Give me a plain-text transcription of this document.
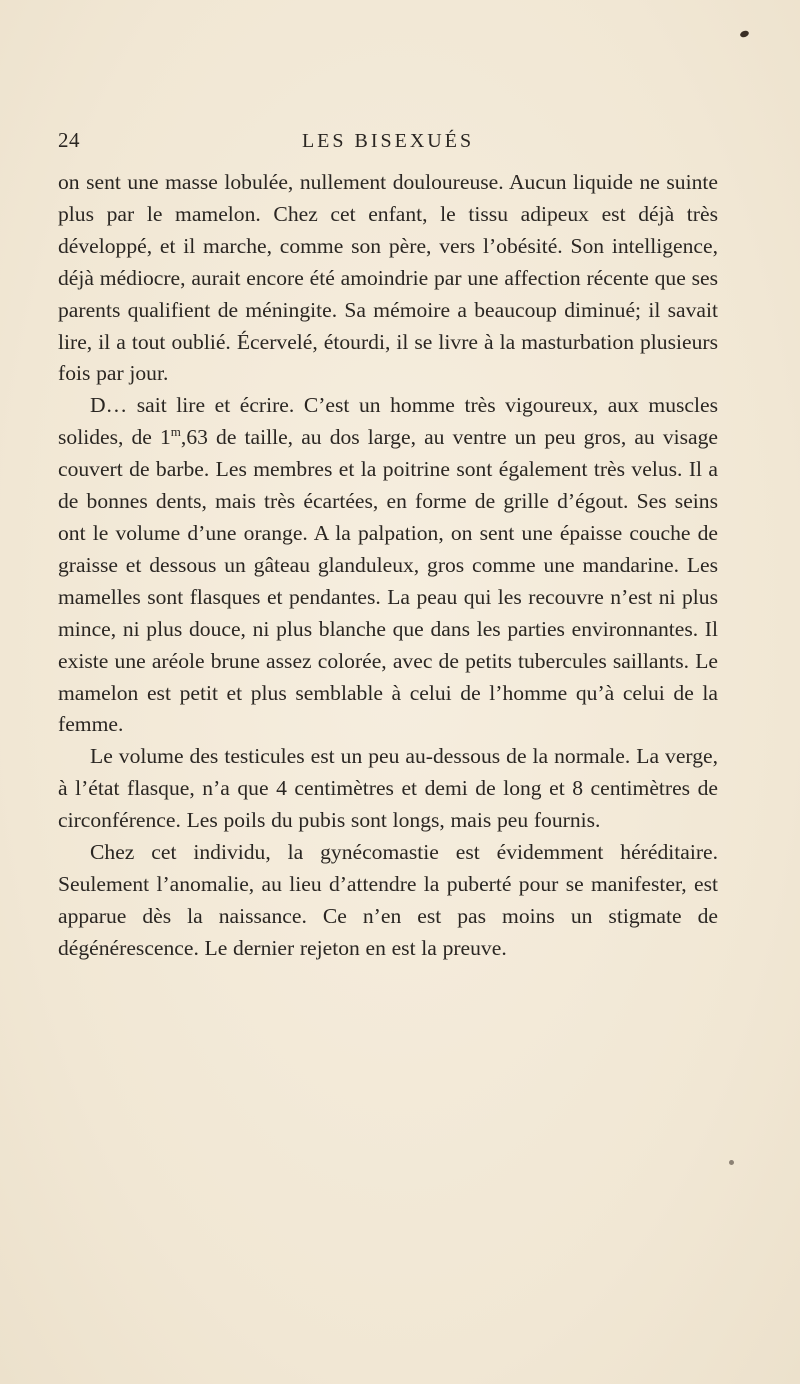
24	LES BISEXUÉS

on sent une masse lobulée, nullement douloureuse. Aucun liquide ne suinte plus par le mamelon. Chez cet enfant, le tissu adipeux est déjà très développé, et il marche, comme son père, vers l’obésité. Son intelligence, déjà médiocre, aurait encore été amoindrie par une affection récente que ses parents qualifient de méningite. Sa mémoire a beaucoup diminué; il savait lire, il a tout oublié. Écervelé, étourdi, il se livre à la masturbation plusieurs fois par jour.

D… sait lire et écrire. C’est un homme très vigoureux, aux muscles solides, de 1$^m$,63 de taille, au dos large, au ventre un peu gros, au visage couvert de barbe. Les membres et la poitrine sont également très velus. Il a de bonnes dents, mais très écartées, en forme de grille d’égout. Ses seins ont le volume d’une orange. A la palpation, on sent une épaisse couche de graisse et dessous un gâteau glanduleux, gros comme une mandarine. Les mamelles sont flasques et pendantes. La peau qui les recouvre n’est ni plus mince, ni plus douce, ni plus blanche que dans les parties environnantes. Il existe une aréole brune assez colorée, avec de petits tubercules saillants. Le mamelon est petit et plus semblable à celui de l’homme qu’à celui de la femme.

Le volume des testicules est un peu au-dessous de la normale. La verge, à l’état flasque, n’a que 4 centimètres et demi de long et 8 centimètres de circonférence. Les poils du pubis sont longs, mais peu fournis.

Chez cet individu, la gynécomastie est évidemment héréditaire. Seulement l’anomalie, au lieu d’attendre la puberté pour se manifester, est apparue dès la naissance. Ce n’en est pas moins un stigmate de dégénérescence. Le dernier rejeton en est la preuve.
